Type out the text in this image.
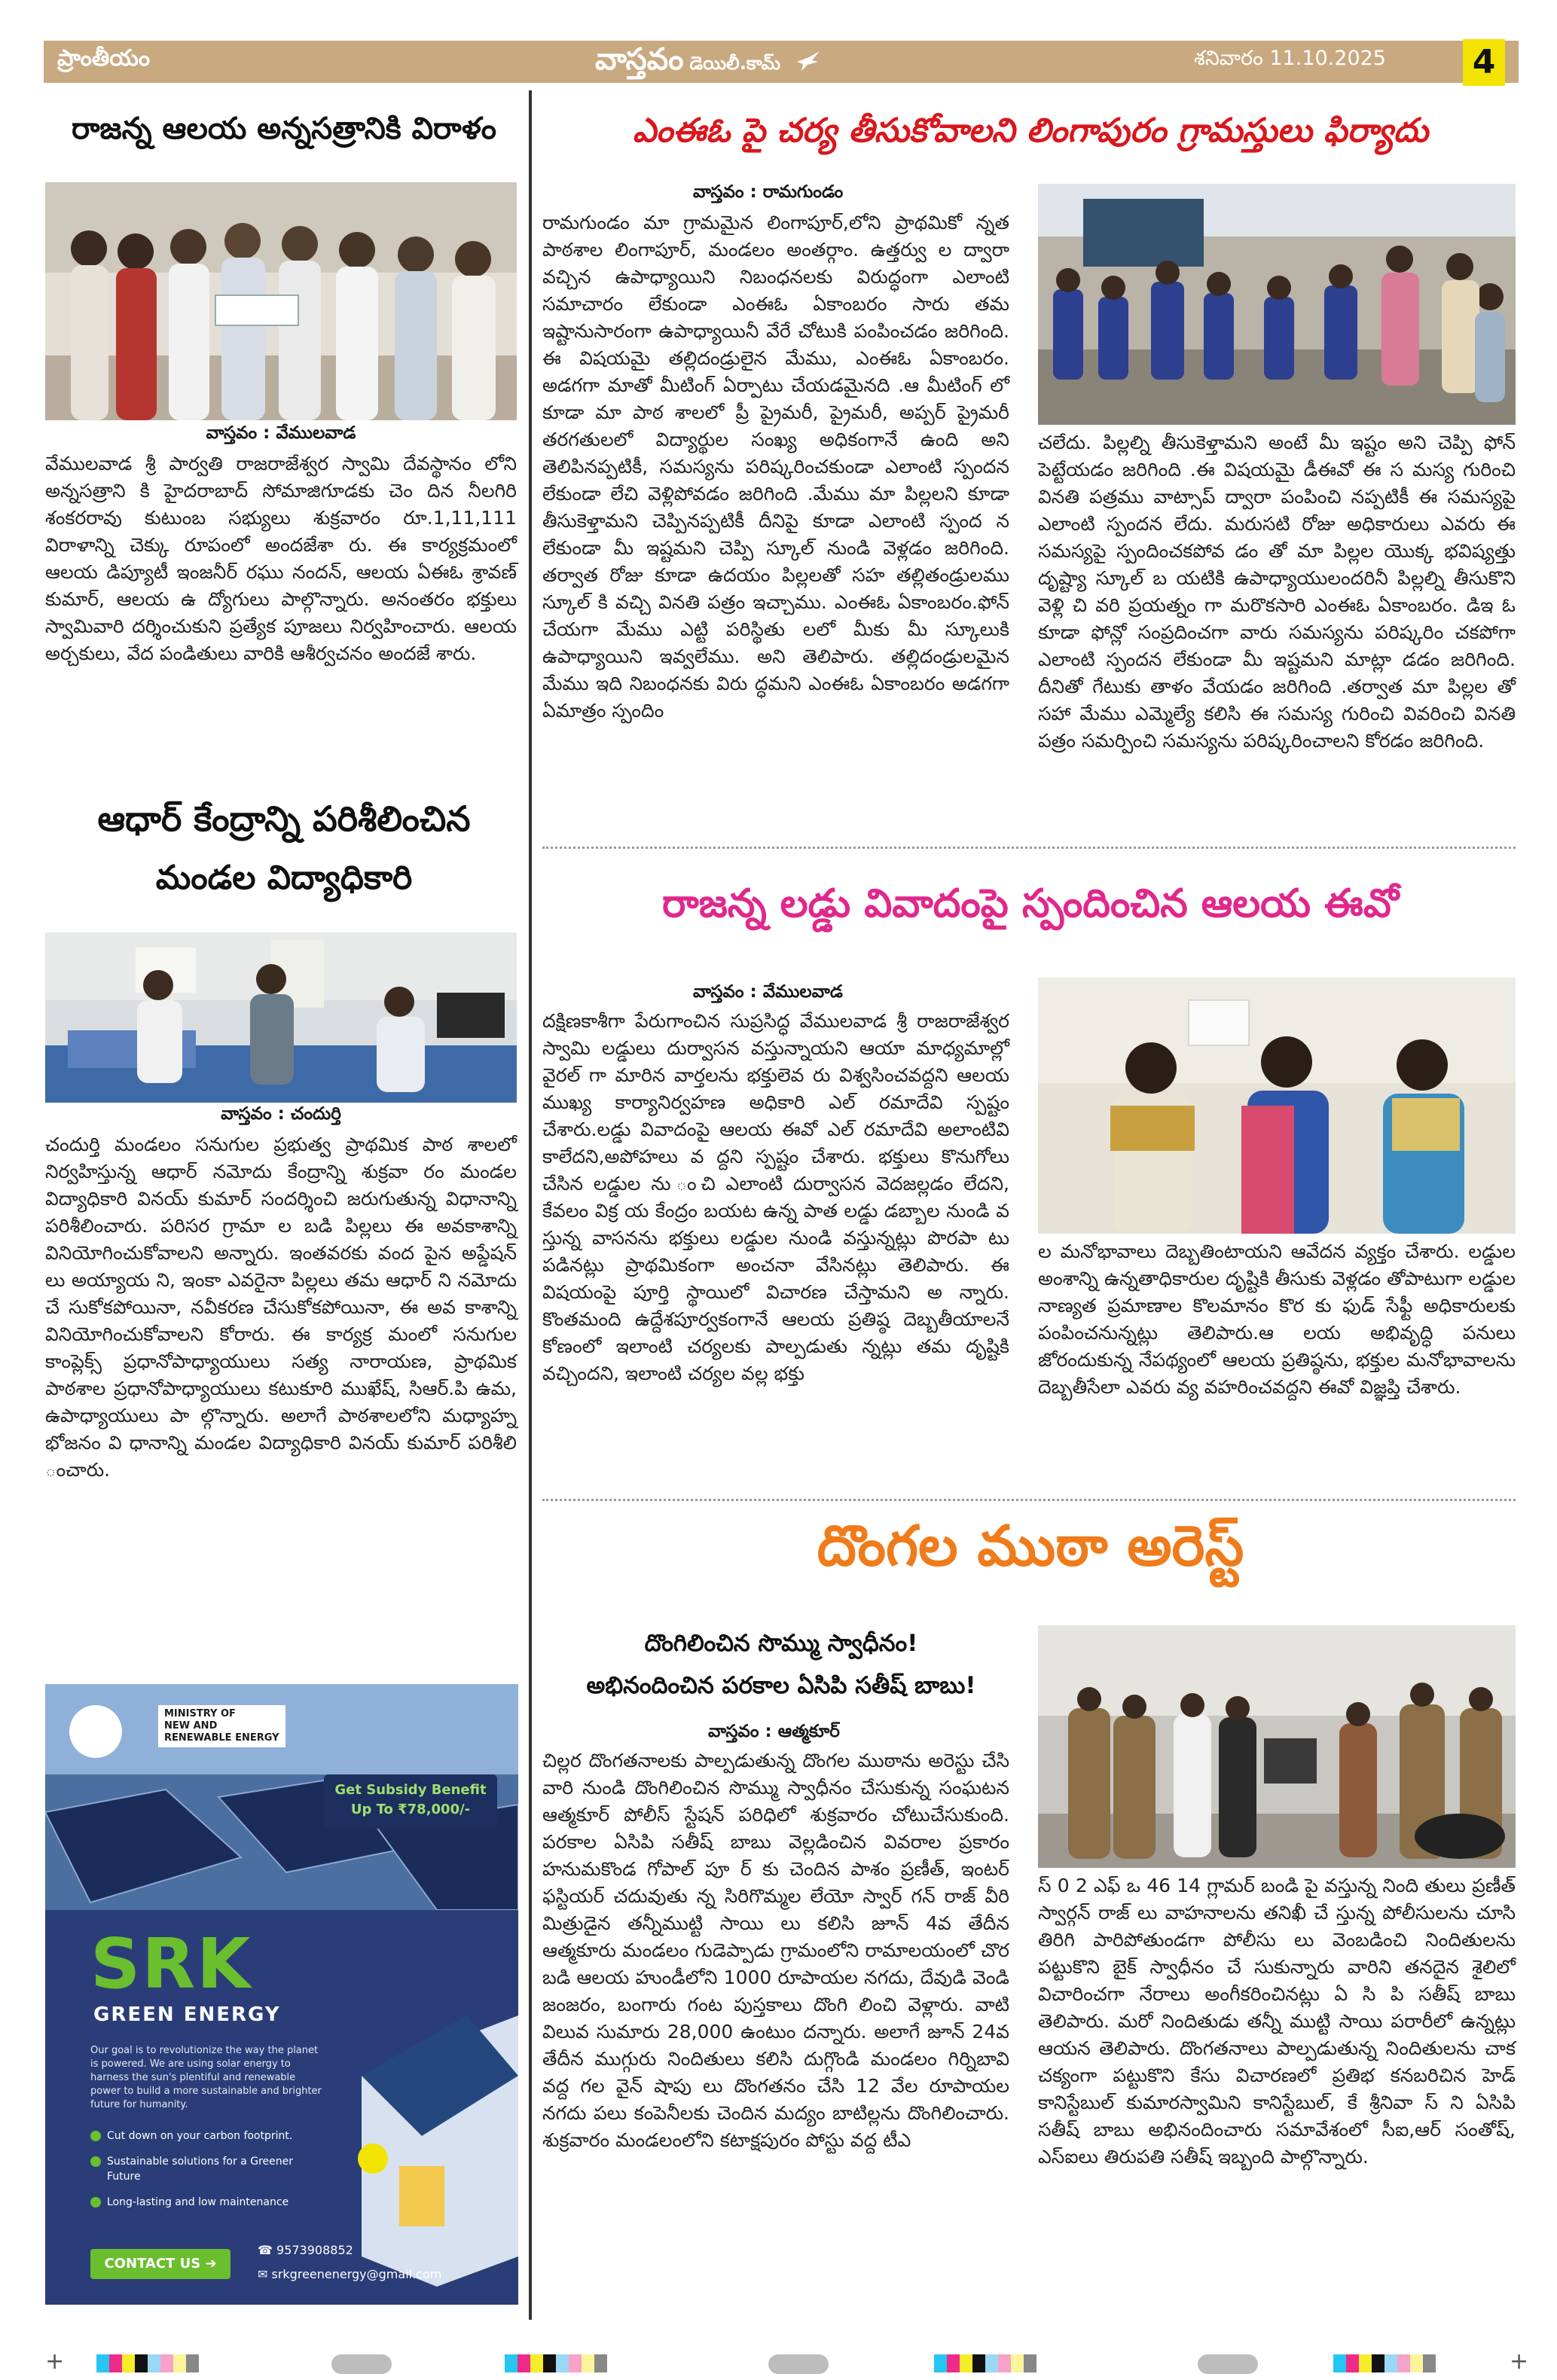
ప్రాంతీయం	వాస్తవం డెయిలీ.కామ్	శనివారం 11.10.2025	4
రాజన్న ఆలయ అన్నసత్రానికి విరాళం
వాస్తవం : వేములవాడ
వేములవాడ శ్రీ పార్వతి రాజరాజేశ్వర స్వామి దేవస్థానం లోని అన్నసత్రాని కి హైదరాబాద్ సోమాజిగూడకు చెం దిన నీలగిరి శంకరరావు కుటుంబ సభ్యులు శుక్రవారం రూ.1,11,111 విరాళాన్ని చెక్కు రూపంలో అందజేశా రు. ఈ కార్యక్రమంలో ఆలయ డిప్యూటీ ఇంజనీర్ రఘు నందన్, ఆలయ ఏఈఓ శ్రావణ్ కుమార్, ఆలయ ఉ ద్యోగులు పాల్గొన్నారు. అనంతరం భక్తులు స్వామివారి దర్శించుకుని ప్రత్యేక పూజలు నిర్వహించారు. ఆలయ అర్చకులు, వేద పండితులు వారికి ఆశీర్వచనం అందజే శారు.
ఆధార్ కేంద్రాన్ని పరిశీలించిన
మండల విద్యాధికారి
వాస్తవం : చందుర్తి
చందుర్తి మండలం సనుగుల ప్రభుత్వ ప్రాథమిక పాఠ శాలలో నిర్వహిస్తున్న ఆధార్ నమోదు కేంద్రాన్ని శుక్రవా రం మండల విద్యాధికారి వినయ్ కుమార్ సందర్శించి జరుగుతున్న విధానాన్ని పరిశీలించారు. పరిసర గ్రామా ల బడి పిల్లలు ఈ అవకాశాన్ని వినియోగించుకోవాలని అన్నారు. ఇంతవరకు వంద పైన అప్డేషన్ లు అయ్యాయ ని, ఇంకా ఎవరైనా పిల్లలు తమ ఆధార్ ని నమోదు చే సుకోకపోయినా, నవీకరణ చేసుకోకపోయినా, ఈ అవ కాశాన్ని వినియోగించుకోవాలని కోరారు. ఈ కార్యక్ర మంలో సనుగుల కాంప్లెక్స్ ప్రధానోపాధ్యాయులు సత్య నారాయణ, ప్రాథమిక పాఠశాల ప్రధానోపాధ్యాయులు కటుకూరి ముఖేష్, సిఆర్.పి ఉమ, ఉపాధ్యాయులు పా ల్గొన్నారు. అలాగే పాఠశాలలోని మధ్యాహ్న భోజనం వి ధానాన్ని మండల విద్యాధికారి వినయ్ కుమార్ పరిశీలి ంచారు.
MINISTRY OF
NEW AND
RENEWABLE ENERGY
Get Subsidy Benefit
Up To ₹78,000/-
SRK
GREEN ENERGY
Our goal is to revolutionize the way the planet is powered. We are using solar energy to harness the sun's plentiful and renewable power to build a more sustainable and brighter future for humanity.
Cut down on your carbon footprint.
Sustainable solutions for a Greener Future
Long-lasting and low maintenance
CONTACT US ➔
☎ 9573908852
✉ srkgreenenergy@gmail.com
ఎంఈఓ పై చర్య తీసుకోవాలని లింగాపురం గ్రామస్తులు ఫిర్యాదు
వాస్తవం : రామగుండం
రామగుండం మా గ్రామమైన లింగాపూర్,లోని ప్రాథమికో న్నత పాఠశాల లింగాపూర్, మండలం అంతర్గాం. ఉత్తర్వు ల ద్వారా వచ్చిన ఉపాధ్యాయిని నిబంధనలకు విరుద్ధంగా ఎలాంటి సమాచారం లేకుండా ఎంఈఓ ఏకాంబరం సారు తమ ఇష్టానుసారంగా ఉపాధ్యాయినీ వేరే చోటుకి పంపించడం జరిగింది. ఈ విషయమై తల్లిదండ్రులైన మేము, ఎంఈఓ ఏకాంబరం. అడగగా మాతో మీటింగ్ ఏర్పాటు చేయడమైనది .ఆ మీటింగ్ లో కూడా మా పాఠ శాలలో ప్రీ ప్రైమరీ, ప్రైమరీ, అప్పర్ ప్రైమరీ తరగతులలో విద్యార్థుల సంఖ్య అధికంగానే ఉంది అని తెలిపినప్పటికీ, సమస్యను పరిష్కరించకుండా ఎలాంటి స్పందన లేకుండా లేచి వెళ్లిపోవడం జరిగింది .మేము మా పిల్లలని కూడా తీసుకెళ్తామని చెప్పినప్పటికీ దీనిపై కూడా ఎలాంటి స్పంద న లేకుండా మీ ఇష్టమని చెప్పి స్కూల్ నుండి వెళ్లడం జరిగింది. తర్వాత రోజు కూడా ఉదయం పిల్లలతో సహ తల్లితండ్రులము స్కూల్ కి వచ్చి వినతి పత్రం ఇచ్చాము. ఎంఈఓ ఏకాంబరం.ఫోన్ చేయగా మేము ఎట్టి పరిస్థితు లలో మీకు మీ స్కూలుకి ఉపాధ్యాయిని ఇవ్వలేము. అని తెలిపారు. తల్లిదండ్రులమైన మేము ఇది నిబంధనకు విరు ద్ధమని ఎంఈఓ ఏకాంబరం అడగగా ఏమాత్రం స్పందిం
చలేదు. పిల్లల్ని తీసుకెళ్తామని అంటే మీ ఇష్టం అని చెప్పి ఫోన్ పెట్టేయడం జరిగింది .ఈ విషయమై డీఈవో ఈ స మస్య గురించి వినతి పత్రము వాట్సాప్ ద్వారా పంపించి నప్పటికీ ఈ సమస్యపై ఎలాంటి స్పందన లేదు. మరుసటి రోజు అధికారులు ఎవరు ఈ సమస్యపై స్పందించకపోవ డం తో మా పిల్లల యొక్క భవిష్యత్తు దృష్ట్యా స్కూల్ బ యటికి ఉపాధ్యాయులందరినీ పిల్లల్ని తీసుకొని వెళ్లి చి వరి ప్రయత్నం గా మరొకసారి ఎంఈఓ ఏకాంబరం. డిఇ ఓ కూడా ఫోన్లో సంప్రదించగా వారు సమస్యను పరిష్కరిం చకపోగా ఎలాంటి స్పందన లేకుండా మీ ఇష్టమని మాట్లా డడం జరిగింది. దీనితో గేటుకు తాళం వేయడం జరిగింది .తర్వాత మా పిల్లల తో సహా మేము ఎమ్మెల్యే కలిసి ఈ సమస్య గురించి వివరించి వినతి పత్రం సమర్పించి సమస్యను పరిష్కరించాలని కోరడం జరిగింది.
రాజన్న లడ్డు వివాదంపై స్పందించిన ఆలయ ఈవో
వాస్తవం : వేములవాడ
దక్షిణకాశీగా పేరుగాంచిన సుప్రసిద్ధ వేములవాడ శ్రీ రాజరాజేశ్వర స్వామి లడ్డులు దుర్వాసన వస్తున్నాయని ఆయా మాధ్యమాల్లో వైరల్ గా మారిన వార్తలను భక్తులెవ రు విశ్వసించవద్దని ఆలయ ముఖ్య కార్యానిర్వహణ అధికారి ఎల్ రమాదేవి స్పష్టం చేశారు.లడ్డు వివాదంపై ఆలయ ఈవో ఎల్ రమాదేవి అలాంటివి కాలేదని,అపోహలు వ ద్దని స్పష్టం చేశారు. భక్తులు కొనుగోలు చేసిన లడ్డుల ను ంచి ఎలాంటి దుర్వాసన వెదజల్లడం లేదని, కేవలం విక్ర య కేంద్రం బయట ఉన్న పాత లడ్డు డబ్బాల నుండి వ స్తున్న వాసనను భక్తులు లడ్డుల నుండి వస్తున్నట్లు పొరపా టు పడినట్లు ప్రాథమికంగా అంచనా వేసినట్లు తెలిపారు. ఈ విషయంపై పూర్తి స్థాయిలో విచారణ చేస్తామని అ న్నారు. కొంతమంది ఉద్దేశపూర్వకంగానే ఆలయ ప్రతిష్ఠ దెబ్బతీయాలనే కోణంలో ఇలాంటి చర్యలకు పాల్పడుతు న్నట్లు తమ దృష్టికి వచ్చిందని, ఇలాంటి చర్యల వల్ల భక్తు
ల మనోభావాలు దెబ్బతింటాయని ఆవేదన వ్యక్తం చేశారు. లడ్డుల అంశాన్ని ఉన్నతాధికారుల దృష్టికి తీసుకు వెళ్లడం తోపాటుగా లడ్డుల నాణ్యత ప్రమాణాల కొలమానం కొర కు ఫుడ్ సేఫ్టీ అధికారులకు పంపించనున్నట్లు తెలిపారు.ఆ లయ అభివృద్ధి పనులు జోరందుకున్న నేపథ్యంలో ఆలయ ప్రతిష్ఠను, భక్తుల మనోభావాలను దెబ్బతీసేలా ఎవరు వ్య వహరించవద్దని ఈవో విజ్ఞప్తి చేశారు.
దొంగల ముఠా అరెస్ట్
దొంగిలించిన సొమ్ము స్వాధీనం!
అభినందించిన పరకాల ఏసిపి సతీష్ బాబు!
వాస్తవం : ఆత్మకూర్
చిల్లర దొంగతనాలకు పాల్పడుతున్న దొంగల ముఠాను అరెస్టు చేసి వారి నుండి దొంగిలించిన సొమ్ము స్వాధీనం చేసుకున్న సంఘటన ఆత్మకూర్ పోలీస్ స్టేషన్ పరిధిలో శుక్రవారం చోటుచేసుకుంది. పరకాల ఏసిపి సతీష్ బాబు వెల్లడించిన వివరాల ప్రకారం హనుమకొండ గోపాల్ పూ ర్ కు చెందిన పాశం ప్రణీత్, ఇంటర్ ఫస్టియర్ చదువుతు న్న సిరిగొమ్మల లేయో స్వార్ గన్ రాజ్ వీరి మిత్రుడైన తన్నీముట్టి సాయి లు కలిసి జూన్ 4వ తేదీన ఆత్మకూరు మండలం గుడెప్పాడు గ్రామంలోని రామాలయంలో చొర బడి ఆలయ హుండీలోని 1000 రూపాయల నగదు, దేవుడి వెండి జంజరం, బంగారు గంట పుస్తకాలు దొంగి లించి వెళ్లారు. వాటి విలువ సుమారు 28,000 ఉంటుం దన్నారు. అలాగే జూన్ 24వ తేదీన ముగ్గురు నిందితులు కలిసి దుగ్గొండి మండలం గిర్నిబావి వద్ద గల వైన్ షాపు లు దొంగతనం చేసి 12 వేల రూపాయల నగదు పలు కంపెనీలకు చెందిన మద్యం బాటిల్లను దొంగిలించారు. శుక్రవారం మండలంలోని కటాక్షపురం పోస్టు వద్ద టీఎ
స్ 0 2 ఎఫ్ ఒ 46 14 గ్లామర్ బండి పై వస్తున్న నింది తులు ప్రణీత్ స్వార్గన్ రాజ్ లు వాహనాలను తనిఖీ చే స్తున్న పోలీసులను చూసి తిరిగి పారిపోతుండగా పోలీసు లు వెంబడించి నిందితులను పట్టుకొని బైక్ స్వాధీనం చే సుకున్నారు వారిని తనదైన శైలిలో విచారించగా నేరాలు అంగీకరించినట్లు ఏ సి పి సతీష్ బాబు తెలిపారు. మరో నిందితుడు తన్నీ ముట్టి సాయి పరారీలో ఉన్నట్లు ఆయన తెలిపారు. దొంగతనాలు పాల్పడుతున్న నిందితులను చాక చక్యంగా పట్టుకొని కేసు విచారణలో ప్రతిభ కనబరిచిన హెడ్ కానిస్టేబుల్ కుమారస్వామిని కానిస్టేబుల్, కే శ్రీనివా స్ ని ఏసిపి సతీష్ బాబు అభినందించారు సమావేశంలో సీఐ,ఆర్ సంతోష్, ఎస్ఐలు తిరుపతి సతీష్ ఇబ్బంది పాల్గొన్నారు.
+	+
